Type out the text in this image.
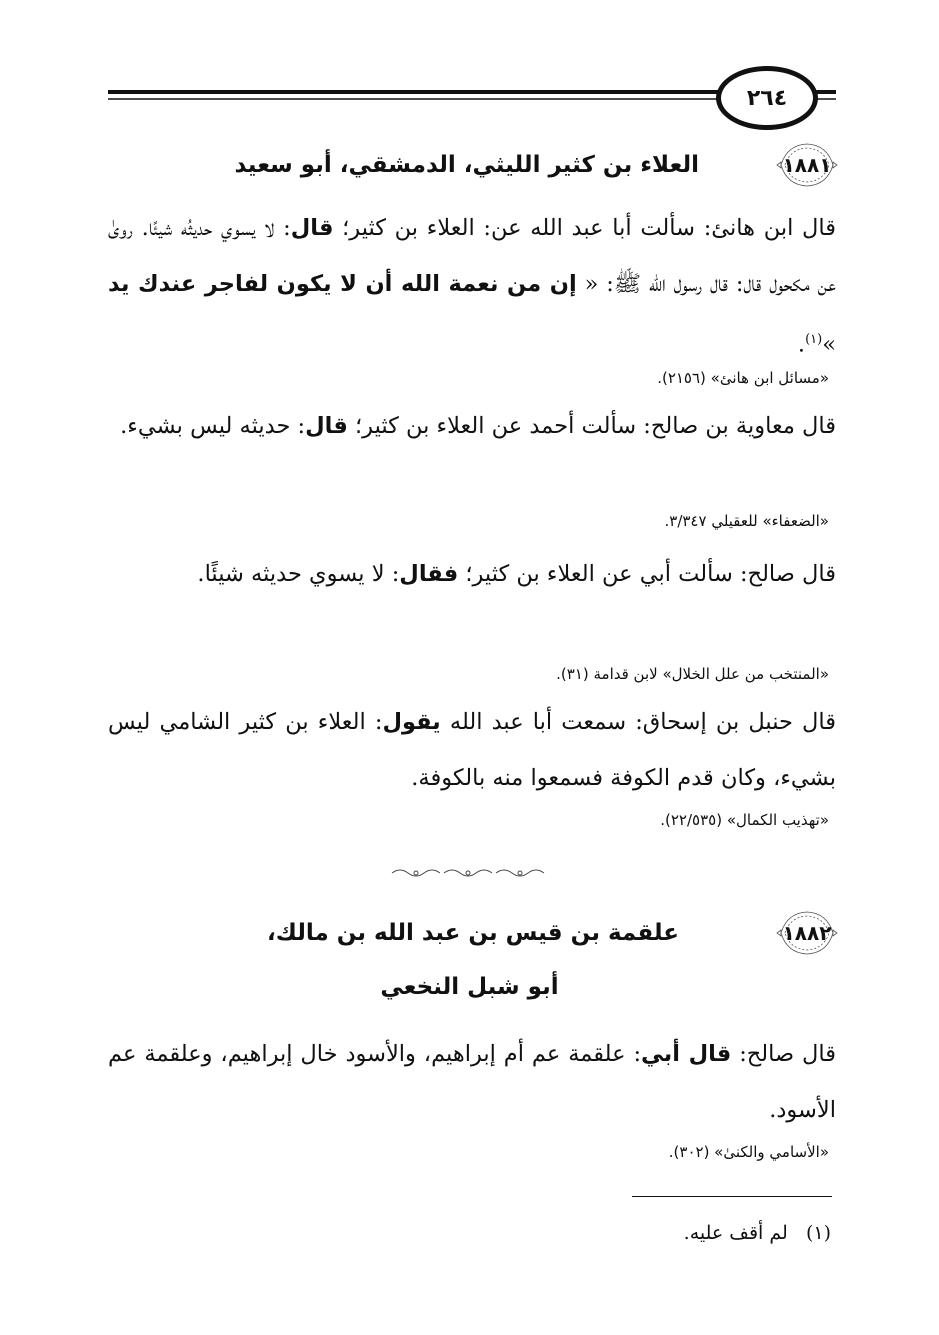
٢٦٤
١٨٨١
العلاء بن كثير الليثي، الدمشقي، أبو سعيد
قال ابن هانئ: سألت أبا عبد الله عن: العلاء بن كثير؛ قال: لا يسوي حديثُه شيئًا. روىٰ عن مكحول قال: قال رسول الله ﷺ: « إن من نعمة الله أن لا يكون لفاجر عندك يد »$^{(١)}$.
«مسائل ابن هانئ» (٢١٥٦).
قال معاوية بن صالح: سألت أحمد عن العلاء بن كثير؛ قال: حديثه ليس بشيء.
«الضعفاء» للعقيلي ٣/٣٤٧.
قال صالح: سألت أبي عن العلاء بن كثير؛ فقال: لا يسوي حديثه شيئًا.
«المنتخب من علل الخلال» لابن قدامة (٣١).
قال حنبل بن إسحاق: سمعت أبا عبد الله يقول: العلاء بن كثير الشامي ليس بشيء، وكان قدم الكوفة فسمعوا منه بالكوفة.
«تهذيب الكمال» (٢٢/٥٣٥).
١٨٨٢
علقمة بن قيس بن عبد الله بن مالك،
أبو شبل النخعي
قال صالح: قال أبي: علقمة عم أم إبراهيم، والأسود خال إبراهيم، وعلقمة عم الأسود.
«الأسامي والكنىٰ» (٣٠٢).
(١)   لم أقف عليه.
